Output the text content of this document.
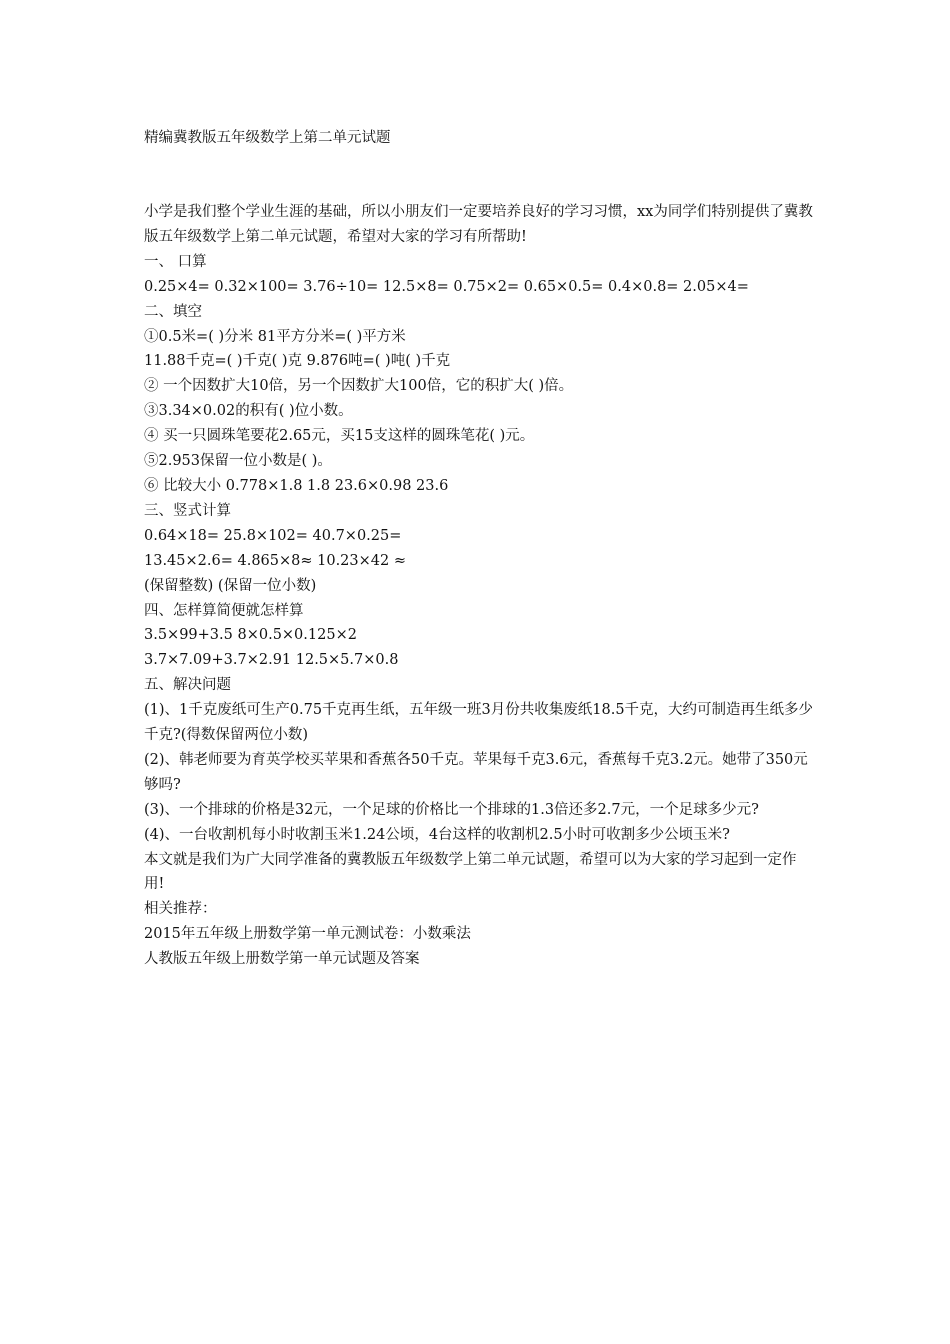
精编冀教版五年级数学上第二单元试题
小学是我们整个学业生涯的基础，所以小朋友们一定要培养良好的学习习惯，xx为同学们特别提供了冀教版五年级数学上第二单元试题，希望对大家的学习有所帮助!
一、 口算
0.25×4= 0.32×100= 3.76÷10= 12.5×8= 0.75×2= 0.65×0.5= 0.4×0.8= 2.05×4=
二、填空
①0.5米=( )分米 81平方分米=( )平方米
11.88千克=( )千克( )克 9.876吨=( )吨( )千克
② 一个因数扩大10倍，另一个因数扩大100倍，它的积扩大( )倍。
③3.34×0.02的积有( )位小数。
④ 买一只圆珠笔要花2.65元，买15支这样的圆珠笔花( )元。
⑤2.953保留一位小数是( )。
⑥ 比较大小 0.778×1.8 1.8 23.6×0.98 23.6
三、竖式计算
0.64×18= 25.8×102= 40.7×0.25=
13.45×2.6= 4.865×8≈ 10.23×42 ≈
(保留整数) (保留一位小数)
四、怎样算简便就怎样算
3.5×99+3.5 8×0.5×0.125×2
3.7×7.09+3.7×2.91 12.5×5.7×0.8
五、解决问题
(1)、1千克废纸可生产0.75千克再生纸，五年级一班3月份共收集废纸18.5千克，大约可制造再生纸多少千克?(得数保留两位小数)
(2)、韩老师要为育英学校买苹果和香蕉各50千克。苹果每千克3.6元，香蕉每千克3.2元。她带了350元够吗?
(3)、一个排球的价格是32元，一个足球的价格比一个排球的1.3倍还多2.7元，一个足球多少元?
(4)、一台收割机每小时收割玉米1.24公顷，4台这样的收割机2.5小时可收割多少公顷玉米?
本文就是我们为广大同学准备的冀教版五年级数学上第二单元试题，希望可以为大家的学习起到一定作用!
相关推荐：
2015年五年级上册数学第一单元测试卷：小数乘法
人教版五年级上册数学第一单元试题及答案
